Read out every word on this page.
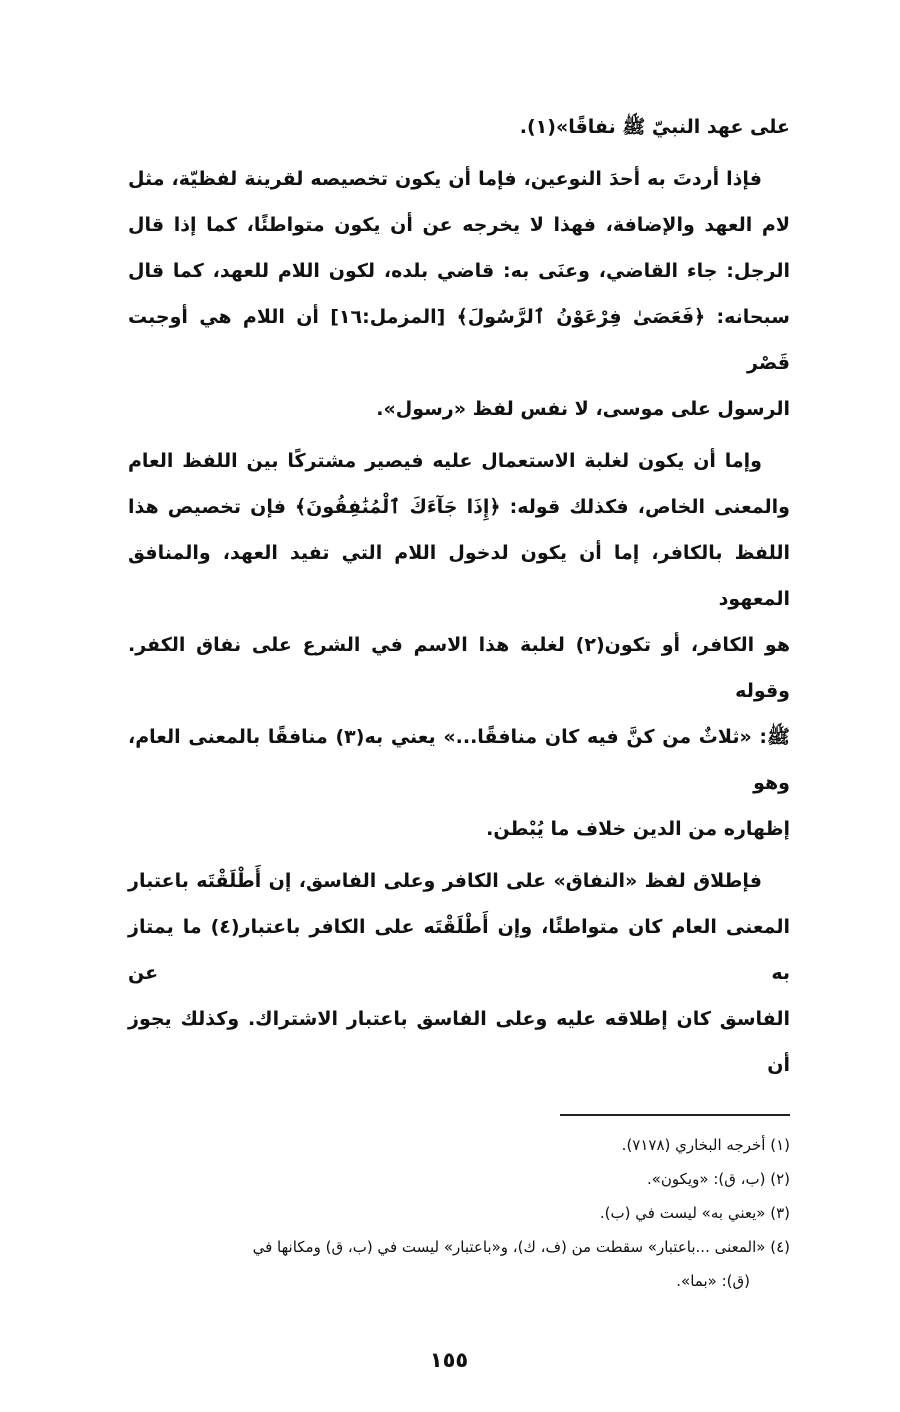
على عهد النبيّ ﷺ نفاقًا»(١).
فإذا أردتَ به أحدَ النوعين، فإما أن يكون تخصيصه لقرينة لفظيّة، مثل
لام العهد والإضافة، فهذا لا يخرجه عن أن يكون متواطئًا، كما إذا قال
الرجل: جاء القاضي، وعنَى به: قاضي بلده، لكون اللام للعهد، كما قال
سبحانه: ﴿فَعَصَىٰ فِرْعَوْنُ ٱلرَّسُولَ﴾ [المزمل:١٦] أن اللام هي أوجبت قَصْر
الرسول على موسى، لا نفس لفظ «رسول».
وإما أن يكون لغلبة الاستعمال عليه فيصير مشتركًا بين اللفظ العام
والمعنى الخاص، فكذلك قوله: ﴿إِذَا جَآءَكَ ٱلْمُنَٰفِقُونَ﴾ فإن تخصيص هذا
اللفظ بالكافر، إما أن يكون لدخول اللام التي تفيد العهد، والمنافق المعهود
هو الكافر، أو تكون(٢) لغلبة هذا الاسم في الشرع على نفاق الكفر. وقوله
ﷺ: «ثلاثٌ من كنَّ فيه كان منافقًا...» يعني به(٣) منافقًا بالمعنى العام، وهو
إظهاره من الدين خلاف ما يُبْطن.
فإطلاق لفظ «النفاق» على الكافر وعلى الفاسق، إن أَطْلَقْتَه باعتبار
المعنى العام كان متواطئًا، وإن أَطْلَقْتَه على الكافر باعتبار(٤) ما يمتاز به عن
الفاسق كان إطلاقه عليه وعلى الفاسق باعتبار الاشتراك. وكذلك يجوز أن
(١) أخرجه البخاري (٧١٧٨).
(٢) (ب، ق): «ويكون».
(٣) «يعني به» ليست في (ب).
(٤) «المعنى ...باعتبار» سقطت من (ف، ك)، و«باعتبار» ليست في (ب، ق) ومكانها في
(ق): «بما».
١٥٥
